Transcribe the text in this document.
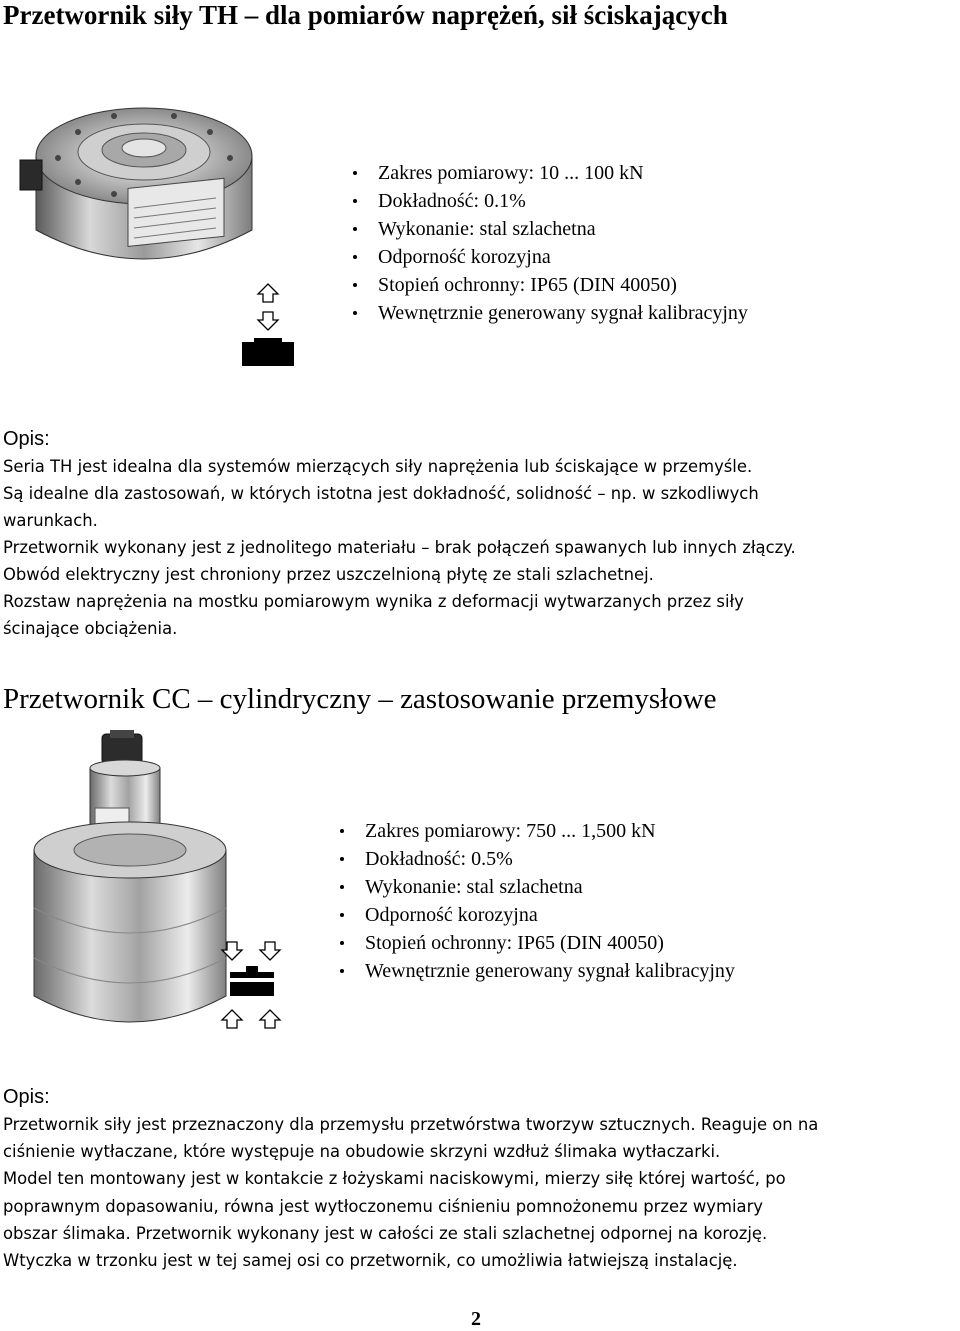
Przetwornik siły TH – dla pomiarów naprężeń, sił ściskających
Zakres pomiarowy: 10 ... 100 kN
Dokładność: 0.1%
Wykonanie: stal szlachetna
Odporność korozyjna
Stopień ochronny: IP65 (DIN 40050)
Wewnętrznie generowany sygnał kalibracyjny
Opis:
Seria TH jest idealna dla systemów mierzących siły naprężenia lub ściskające w przemyśle.
Są idealne dla zastosowań, w których istotna jest dokładność, solidność – np. w szkodliwych
warunkach.
Przetwornik wykonany jest z jednolitego materiału – brak połączeń spawanych lub innych złączy.
Obwód elektryczny jest chroniony przez uszczelnioną płytę ze stali szlachetnej.
Rozstaw naprężenia na mostku pomiarowym wynika z deformacji wytwarzanych przez siły
ścinające obciążenia.
Przetwornik CC – cylindryczny – zastosowanie przemysłowe
Zakres pomiarowy: 750 ... 1,500 kN
Dokładność: 0.5%
Wykonanie: stal szlachetna
Odporność korozyjna
Stopień ochronny: IP65 (DIN 40050)
Wewnętrznie generowany sygnał kalibracyjny
Opis:
Przetwornik siły jest przeznaczony dla przemysłu przetwórstwa tworzyw sztucznych. Reaguje on na
ciśnienie wytłaczane, które występuje na obudowie skrzyni wzdłuż ślimaka wytłaczarki.
Model ten montowany jest w kontakcie z łożyskami naciskowymi, mierzy siłę której wartość, po
poprawnym dopasowaniu, równa jest wytłoczonemu ciśnieniu pomnożonemu przez wymiary
obszar ślimaka. Przetwornik wykonany jest w całości ze stali szlachetnej odpornej na korozję.
Wtyczka w trzonku jest w tej samej osi co przetwornik, co umożliwia łatwiejszą instalację.
2
